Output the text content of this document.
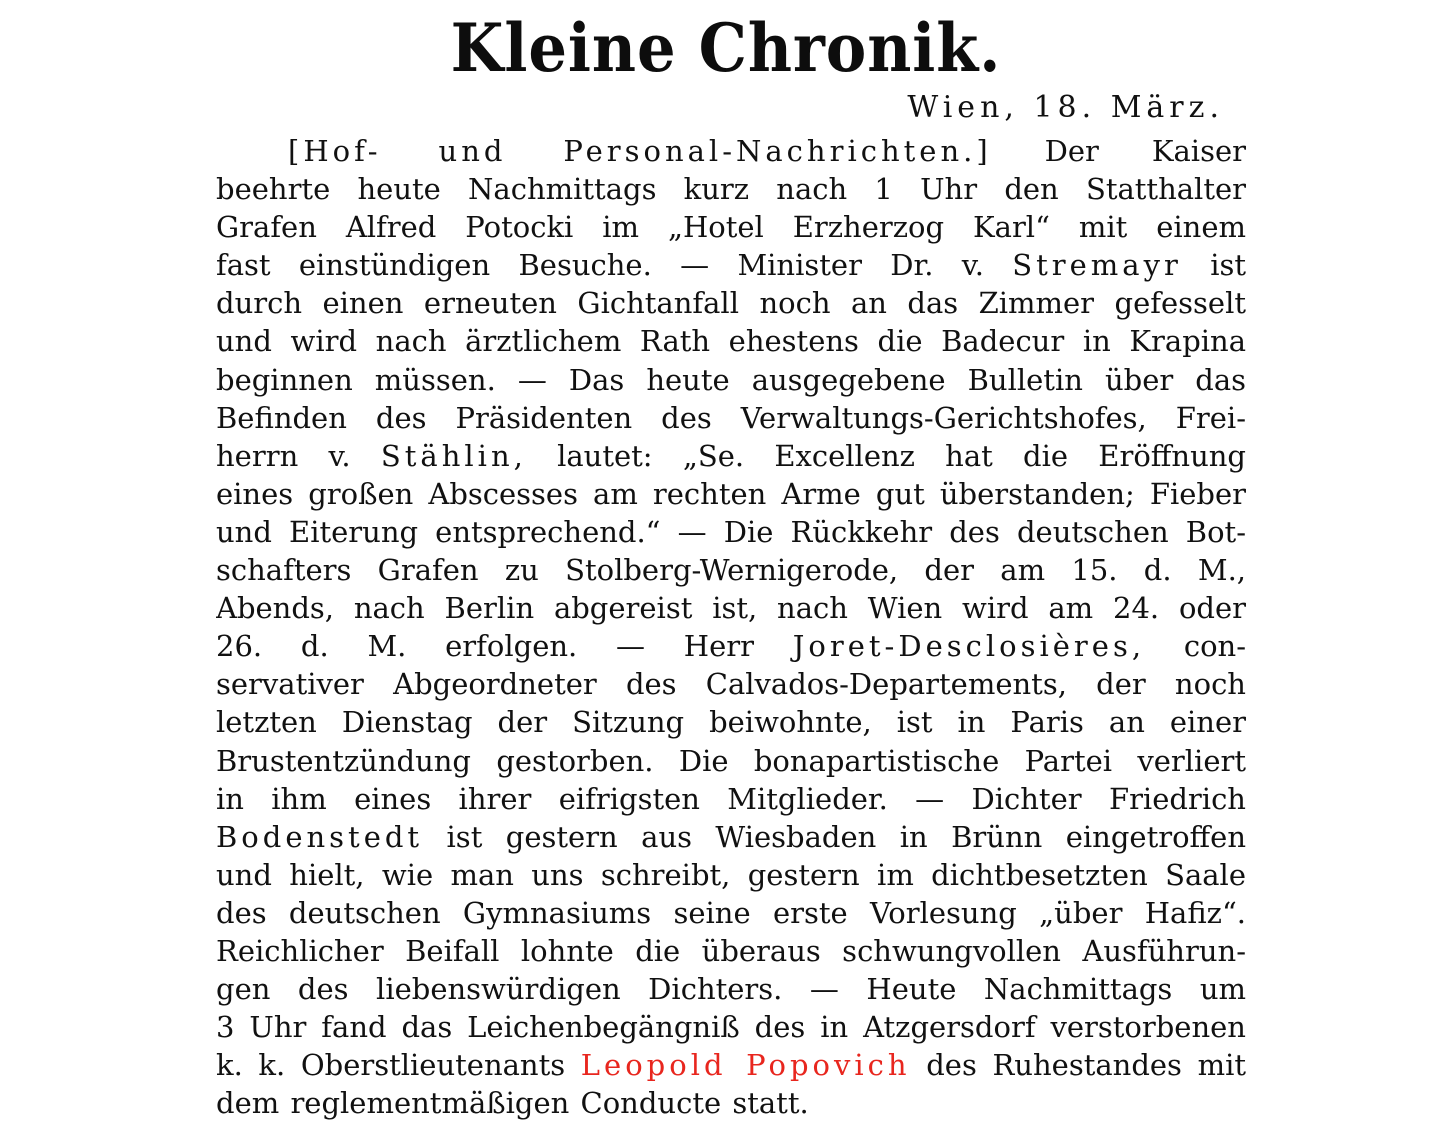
Kleine Chronik.
Wien, 18. März.
[Hof- und Personal-Nachrichten.] Der Kaiser
beehrte heute Nachmittags kurz nach 1 Uhr den Statthalter
Grafen Alfred Potocki im „Hotel Erzherzog Karl“ mit einem
fast einstündigen Besuche. — Minister Dr. v. Stremayr ist
durch einen erneuten Gichtanfall noch an das Zimmer gefesselt
und wird nach ärztlichem Rath ehestens die Badecur in Krapina
beginnen müssen. — Das heute ausgegebene Bulletin über das
Befinden des Präsidenten des Verwaltungs-Gerichtshofes, Frei-
herrn v. Stählin, lautet: „Se. Excellenz hat die Eröffnung
eines großen Abscesses am rechten Arme gut überstanden; Fieber
und Eiterung entsprechend.“ — Die Rückkehr des deutschen Bot-
schafters Grafen zu Stolberg-Wernigerode, der am 15. d. M.,
Abends, nach Berlin abgereist ist, nach Wien wird am 24. oder
26. d. M. erfolgen. — Herr Joret-Desclosières, con-
servativer Abgeordneter des Calvados-Departements, der noch
letzten Dienstag der Sitzung beiwohnte, ist in Paris an einer
Brustentzündung gestorben. Die bonapartistische Partei verliert
in ihm eines ihrer eifrigsten Mitglieder. — Dichter Friedrich
Bodenstedt ist gestern aus Wiesbaden in Brünn eingetroffen
und hielt, wie man uns schreibt, gestern im dichtbesetzten Saale
des deutschen Gymnasiums seine erste Vorlesung „über Hafiz“.
Reichlicher Beifall lohnte die überaus schwungvollen Ausführun-
gen des liebenswürdigen Dichters. — Heute Nachmittags um
3 Uhr fand das Leichenbegängniß des in Atzgersdorf verstorbenen
k. k. Oberstlieutenants Leopold Popovich des Ruhestandes mit
dem reglementmäßigen Conducte statt.
